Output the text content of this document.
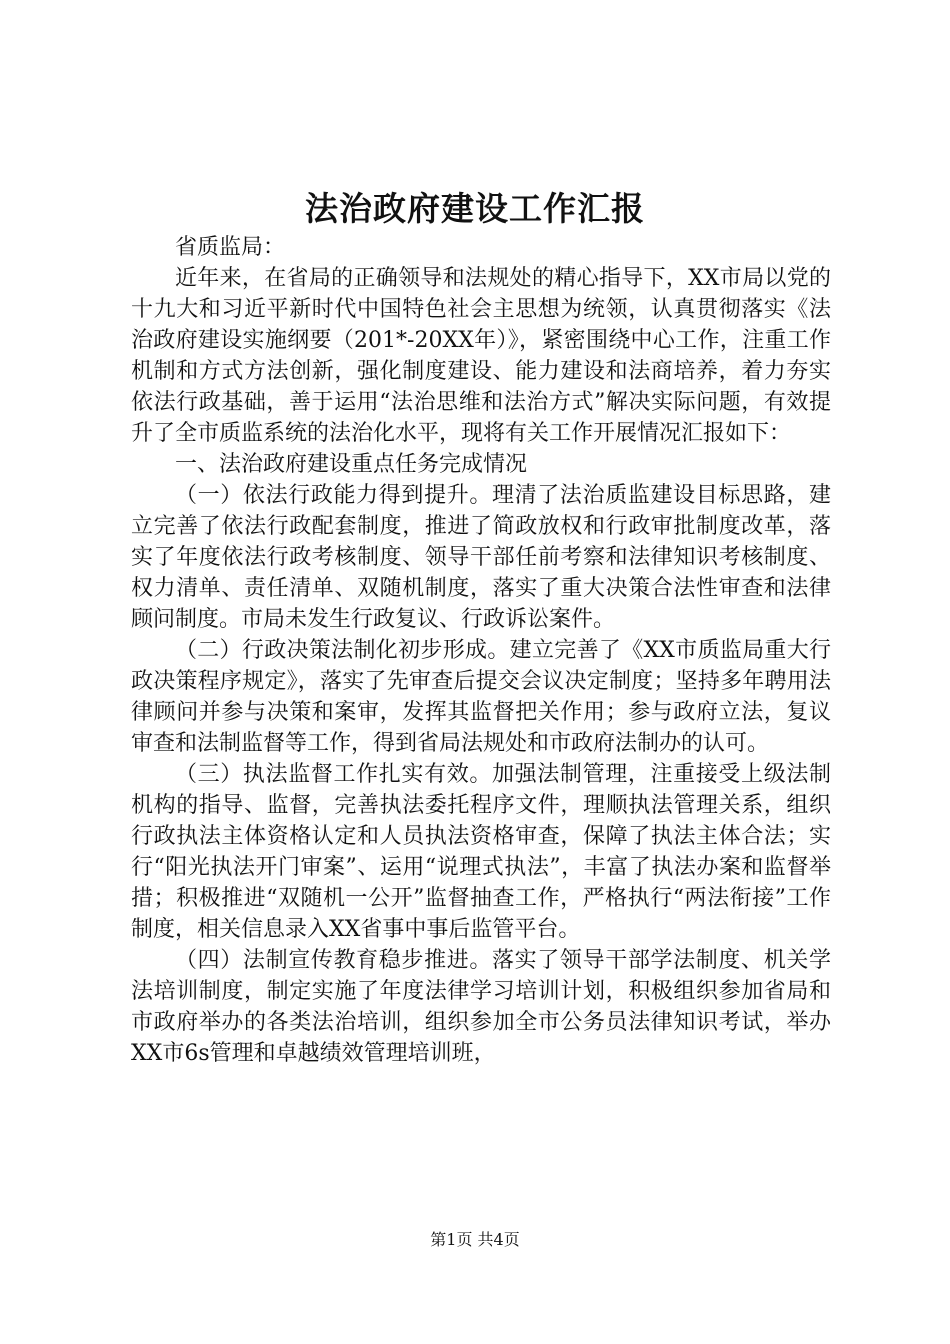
法治政府建设工作汇报

省质监局：

近年来，在省局的正确领导和法规处的精心指导下，XX市局以党的十九大和习近平新时代中国特色社会主思想为统领，认真贯彻落实《法治政府建设实施纲要（201*-20XX年）》，紧密围绕中心工作，注重工作机制和方式方法创新，强化制度建设、能力建设和法商培养，着力夯实依法行政基础，善于运用“法治思维和法治方式”解决实际问题，有效提升了全市质监系统的法治化水平，现将有关工作开展情况汇报如下：

一、法治政府建设重点任务完成情况

（一）依法行政能力得到提升。理清了法治质监建设目标思路，建立完善了依法行政配套制度，推进了简政放权和行政审批制度改革，落实了年度依法行政考核制度、领导干部任前考察和法律知识考核制度、权力清单、责任清单、双随机制度，落实了重大决策合法性审查和法律顾问制度。市局未发生行政复议、行政诉讼案件。

（二）行政决策法制化初步形成。建立完善了《XX市质监局重大行政决策程序规定》，落实了先审查后提交会议决定制度；坚持多年聘用法律顾问并参与决策和案审，发挥其监督把关作用；参与政府立法，复议审查和法制监督等工作，得到省局法规处和市政府法制办的认可。

（三）执法监督工作扎实有效。加强法制管理，注重接受上级法制机构的指导、监督，完善执法委托程序文件，理顺执法管理关系，组织行政执法主体资格认定和人员执法资格审查，保障了执法主体合法；实行“阳光执法开门审案”、运用“说理式执法”，丰富了执法办案和监督举措；积极推进“双随机一公开”监督抽查工作，严格执行“两法衔接”工作制度，相关信息录入XX省事中事后监管平台。

（四）法制宣传教育稳步推进。落实了领导干部学法制度、机关学法培训制度，制定实施了年度法律学习培训计划，积极组织参加省局和市政府举办的各类法治培训，组织参加全市公务员法律知识考试，举办XX市6s管理和卓越绩效管理培训班，

第1页 共4页
